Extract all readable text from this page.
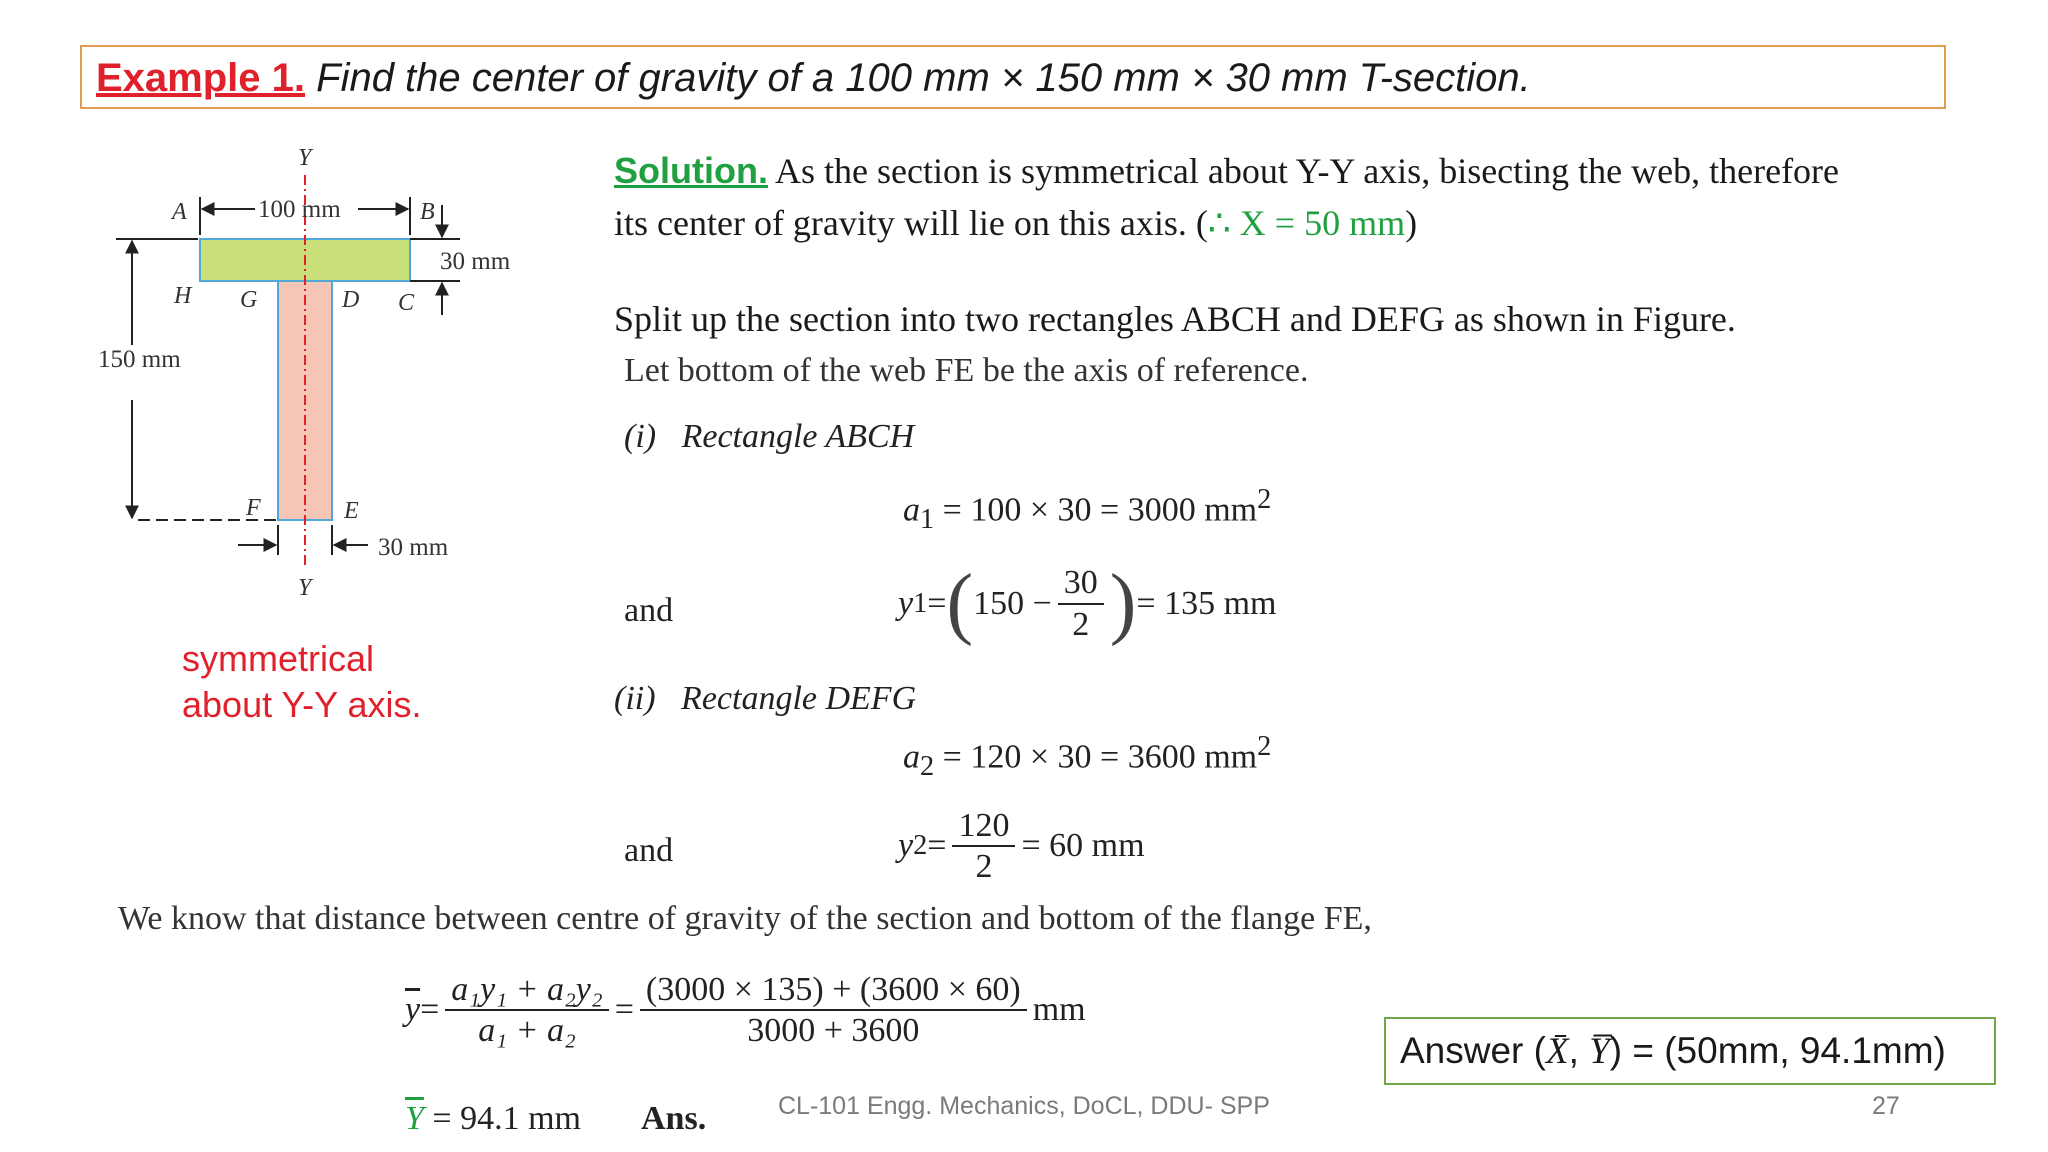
Example 1. Find the center of gravity of a 100 mm × 150 mm × 30 mm T-section.
Y
Y
A	B
C
D
E
F
G
H
100 mm
30 mm
150 mm
30 mm
symmetrical
about Y-Y axis.
Solution. As the section is symmetrical about Y-Y axis, bisecting the web, therefore
its center of gravity will lie on this axis. (∴ X = 50 mm)
Split up the section into two rectangles ABCH and DEFG as shown in Figure.
Let bottom of the web FE be the axis of reference.
(i) Rectangle ABCH
$a_1 = 100 \times 30 = 3000$ $mm^2$
and	y 1 = ( $150 - \frac{30}{2}$ ) = 135 mm
(ii) Rectangle DEFG
$a_2 = 120 \times 30 = 3600$ $mm^2$
and	y $2 = \frac{120}{2} = 60$ mm
We know that distance between centre of gravity of the section and bottom of the flange FE,
$\overline{y} = \frac{\text{a₁y₁ + a₂y₂}}{\text{a₁ + a₂}} = \frac{(3000 \times 135) + (3600 \times 60)}{3000 + 3600}$ mm
$\overline{Y} = 94.1$ mm Ans.
Answer (X̄, Y̅) = (50mm, 94.1mm)
CL-101 Engg. Mechanics, DoCL, DDU- SPP	27
